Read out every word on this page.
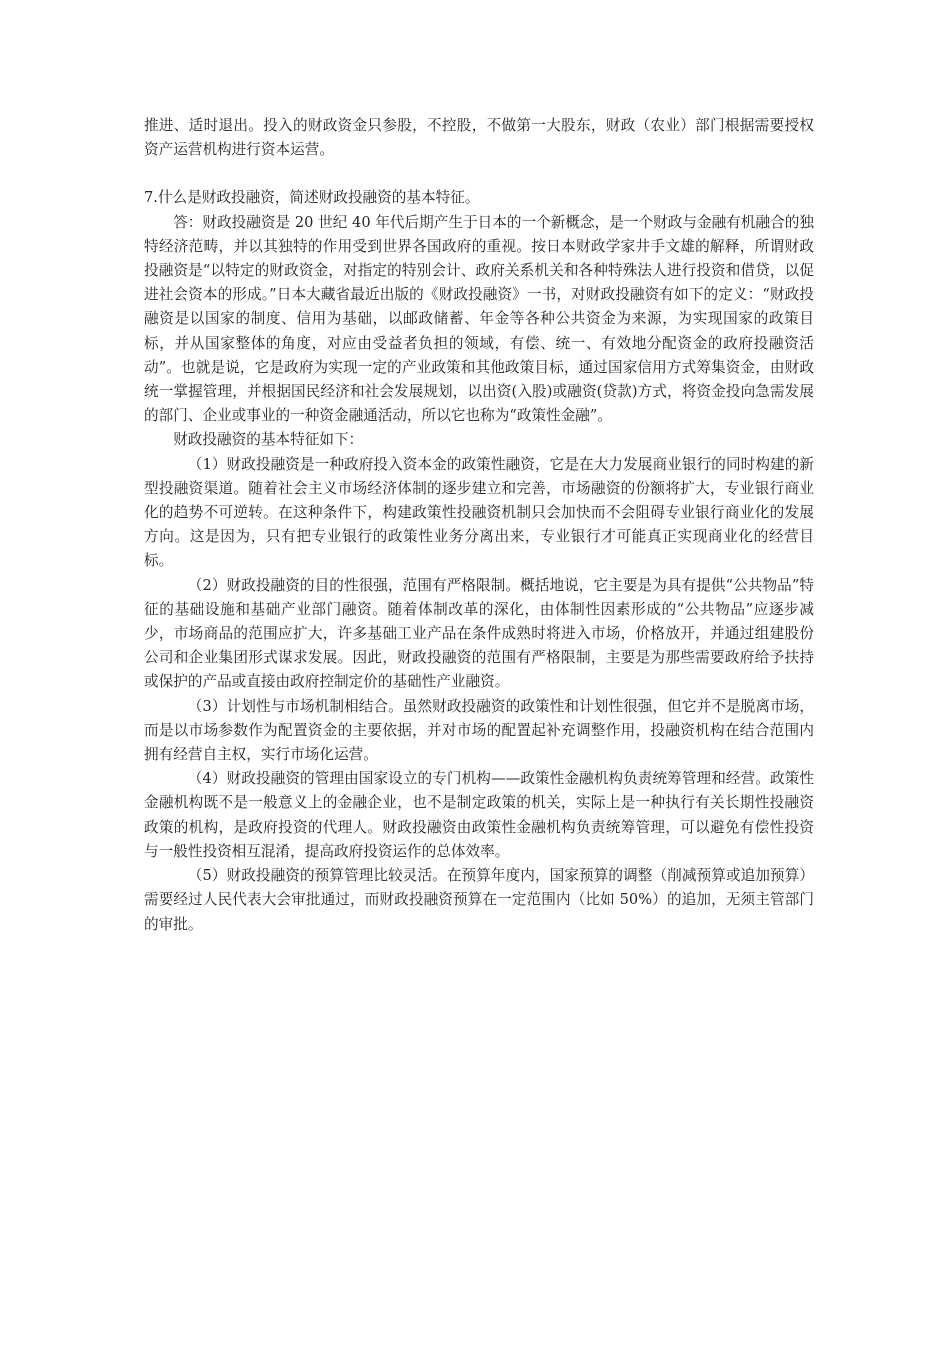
推进、适时退出。投入的财政资金只参股，不控股，不做第一大股东，财政（农业）部门根据需要授权资产运营机构进行资本运营。

7.什么是财政投融资，简述财政投融资的基本特征。

答：财政投融资是 20 世纪 40 年代后期产生于日本的一个新概念，是一个财政与金融有机融合的独特经济范畴，并以其独特的作用受到世界各国政府的重视。按日本财政学家井手文雄的解释，所谓财政投融资是“以特定的财政资金，对指定的特别会计、政府关系机关和各种特殊法人进行投资和借贷，以促进社会资本的形成。”日本大藏省最近出版的《财政投融资》一书，对财政投融资有如下的定义：“财政投融资是以国家的制度、信用为基础，以邮政储蓄、年金等各种公共资金为来源，为实现国家的政策目标，并从国家整体的角度，对应由受益者负担的领域，有偿、统一、有效地分配资金的政府投融资活动”。也就是说，它是政府为实现一定的产业政策和其他政策目标，通过国家信用方式筹集资金，由财政统一掌握管理，并根据国民经济和社会发展规划，以出资(入股)或融资(贷款)方式，将资金投向急需发展的部门、企业或事业的一种资金融通活动，所以它也称为“政策性金融”。

财政投融资的基本特征如下：

（1）财政投融资是一种政府投入资本金的政策性融资，它是在大力发展商业银行的同时构建的新型投融资渠道。随着社会主义市场经济体制的逐步建立和完善，市场融资的份额将扩大，专业银行商业化的趋势不可逆转。在这种条件下，构建政策性投融资机制只会加快而不会阻碍专业银行商业化的发展方向。这是因为，只有把专业银行的政策性业务分离出来，专业银行才可能真正实现商业化的经营目标。

（2）财政投融资的目的性很强，范围有严格限制。概括地说，它主要是为具有提供“公共物品”特征的基础设施和基础产业部门融资。随着体制改革的深化，由体制性因素形成的“公共物品”应逐步减少，市场商品的范围应扩大，许多基础工业产品在条件成熟时将进入市场，价格放开，并通过组建股份公司和企业集团形式谋求发展。因此，财政投融资的范围有严格限制，主要是为那些需要政府给予扶持或保护的产品或直接由政府控制定价的基础性产业融资。

（3）计划性与市场机制相结合。虽然财政投融资的政策性和计划性很强，但它并不是脱离市场，而是以市场参数作为配置资金的主要依据，并对市场的配置起补充调整作用，投融资机构在结合范围内拥有经营自主权，实行市场化运营。

（4）财政投融资的管理由国家设立的专门机构——政策性金融机构负责统筹管理和经营。政策性金融机构既不是一般意义上的金融企业，也不是制定政策的机关，实际上是一种执行有关长期性投融资政策的机构，是政府投资的代理人。财政投融资由政策性金融机构负责统筹管理，可以避免有偿性投资与一般性投资相互混淆，提高政府投资运作的总体效率。

（5）财政投融资的预算管理比较灵活。在预算年度内，国家预算的调整（削减预算或追加预算）需要经过人民代表大会审批通过，而财政投融资预算在一定范围内（比如 50%）的追加，无须主管部门的审批。
